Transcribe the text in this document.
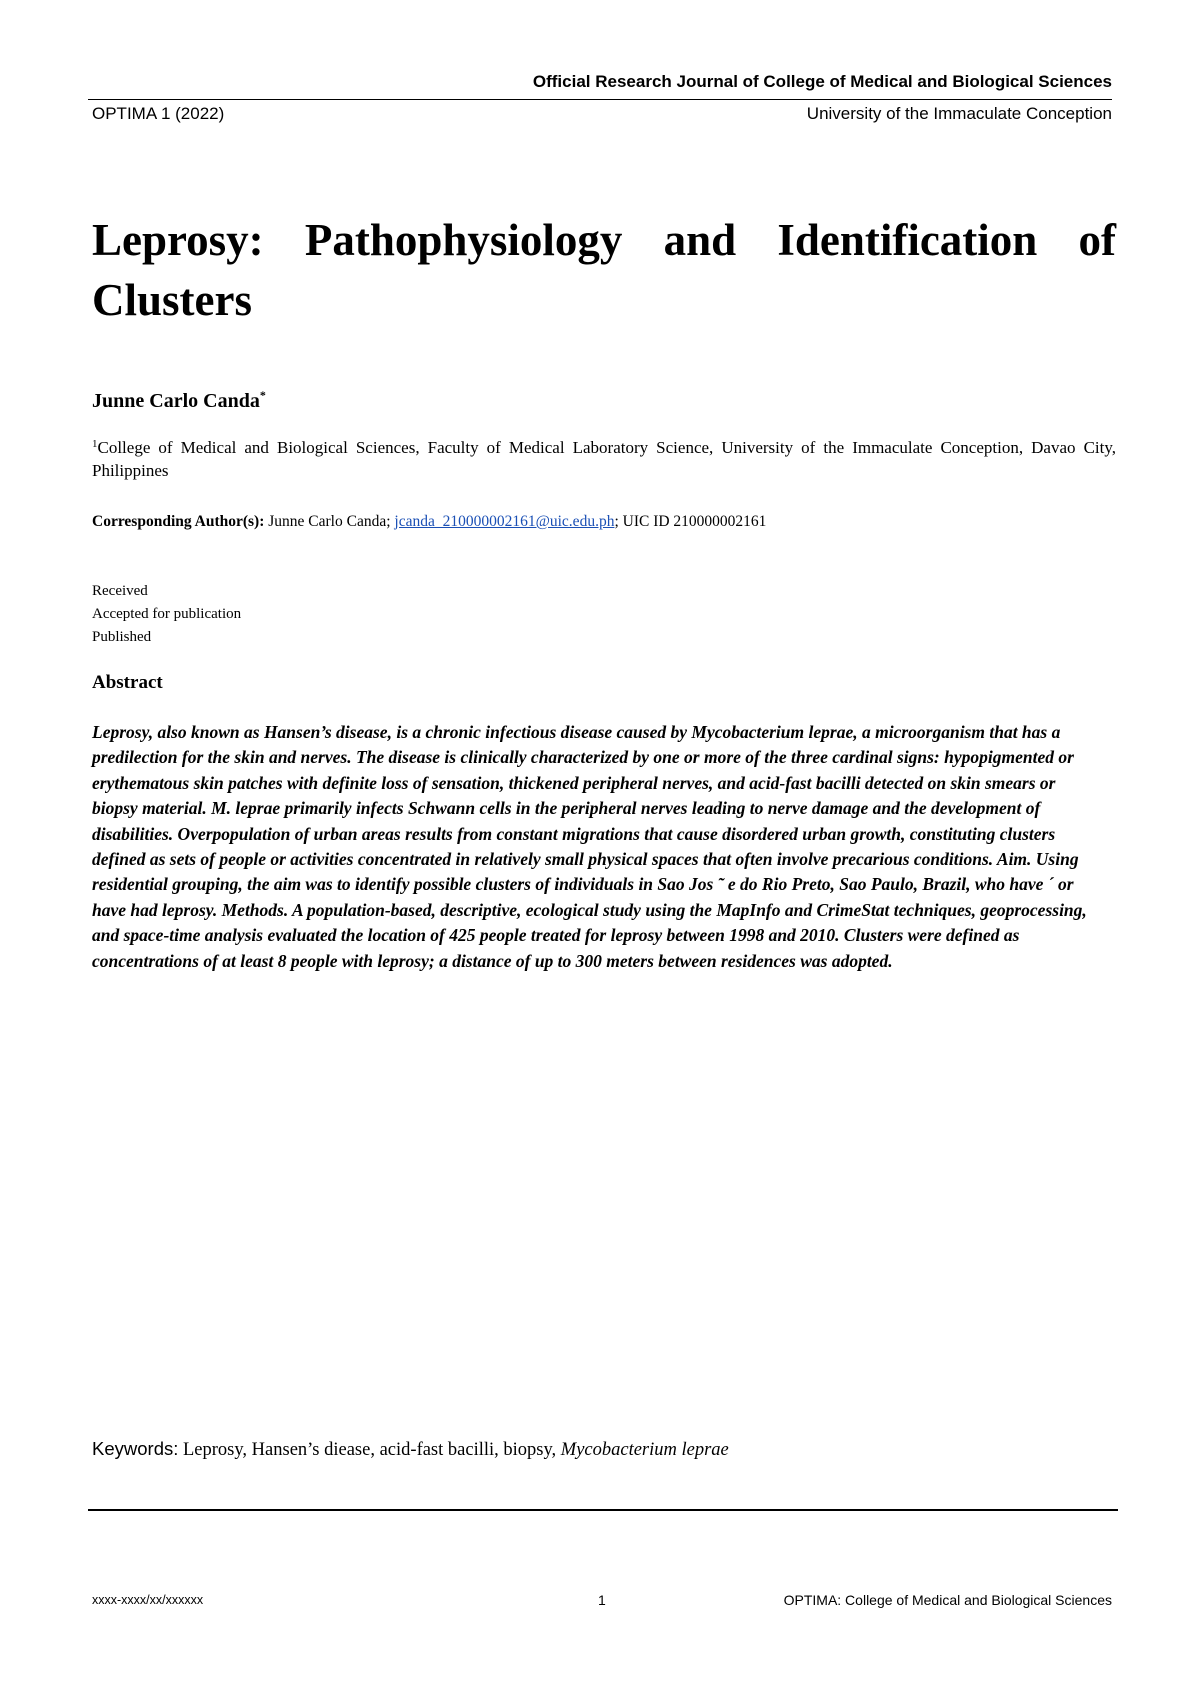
Official Research Journal of College of Medical and Biological Sciences
OPTIMA 1 (2022)	University of the Immaculate Conception
Leprosy: Pathophysiology and Identification of Clusters
Junne Carlo Canda*

$^1$College of Medical and Biological Sciences, Faculty of Medical Laboratory Science, University of the Immaculate Conception, Davao City, Philippines

Corresponding Author(s): Junne Carlo Canda; jcanda_210000002161@uic.edu.ph; UIC ID 210000002161

Received
Accepted for publication
Published
Abstract

Leprosy, also known as Hansen’s disease, is a chronic infectious disease caused by Mycobacterium leprae, a microorganism that has a predilection for the skin and nerves. The disease is clinically characterized by one or more of the three cardinal signs: hypopigmented or erythematous skin patches with definite loss of sensation, thickened peripheral nerves, and acid-fast bacilli detected on skin smears or biopsy material. M. leprae primarily infects Schwann cells in the peripheral nerves leading to nerve damage and the development of disabilities. Overpopulation of urban areas results from constant migrations that cause disordered urban growth, constituting clusters defined as sets of people or activities concentrated in relatively small physical spaces that often involve precarious conditions. Aim. Using residential grouping, the aim was to identify possible clusters of individuals in Sao Jos ˜ e do Rio Preto, Sao Paulo, Brazil, who have ´ or have had leprosy. Methods. A population-based, descriptive, ecological study using the MapInfo and CrimeStat techniques, geoprocessing, and space-time analysis evaluated the location of 425 people treated for leprosy between 1998 and 2010. Clusters were defined as concentrations of at least 8 people with leprosy; a distance of up to 300 meters between residences was adopted.

Keywords: Leprosy, Hansen’s diease, acid-fast bacilli, biopsy, Mycobacterium leprae
xxxx-xxxx/xx/xxxxxx	1	OPTIMA: College of Medical and Biological Sciences
